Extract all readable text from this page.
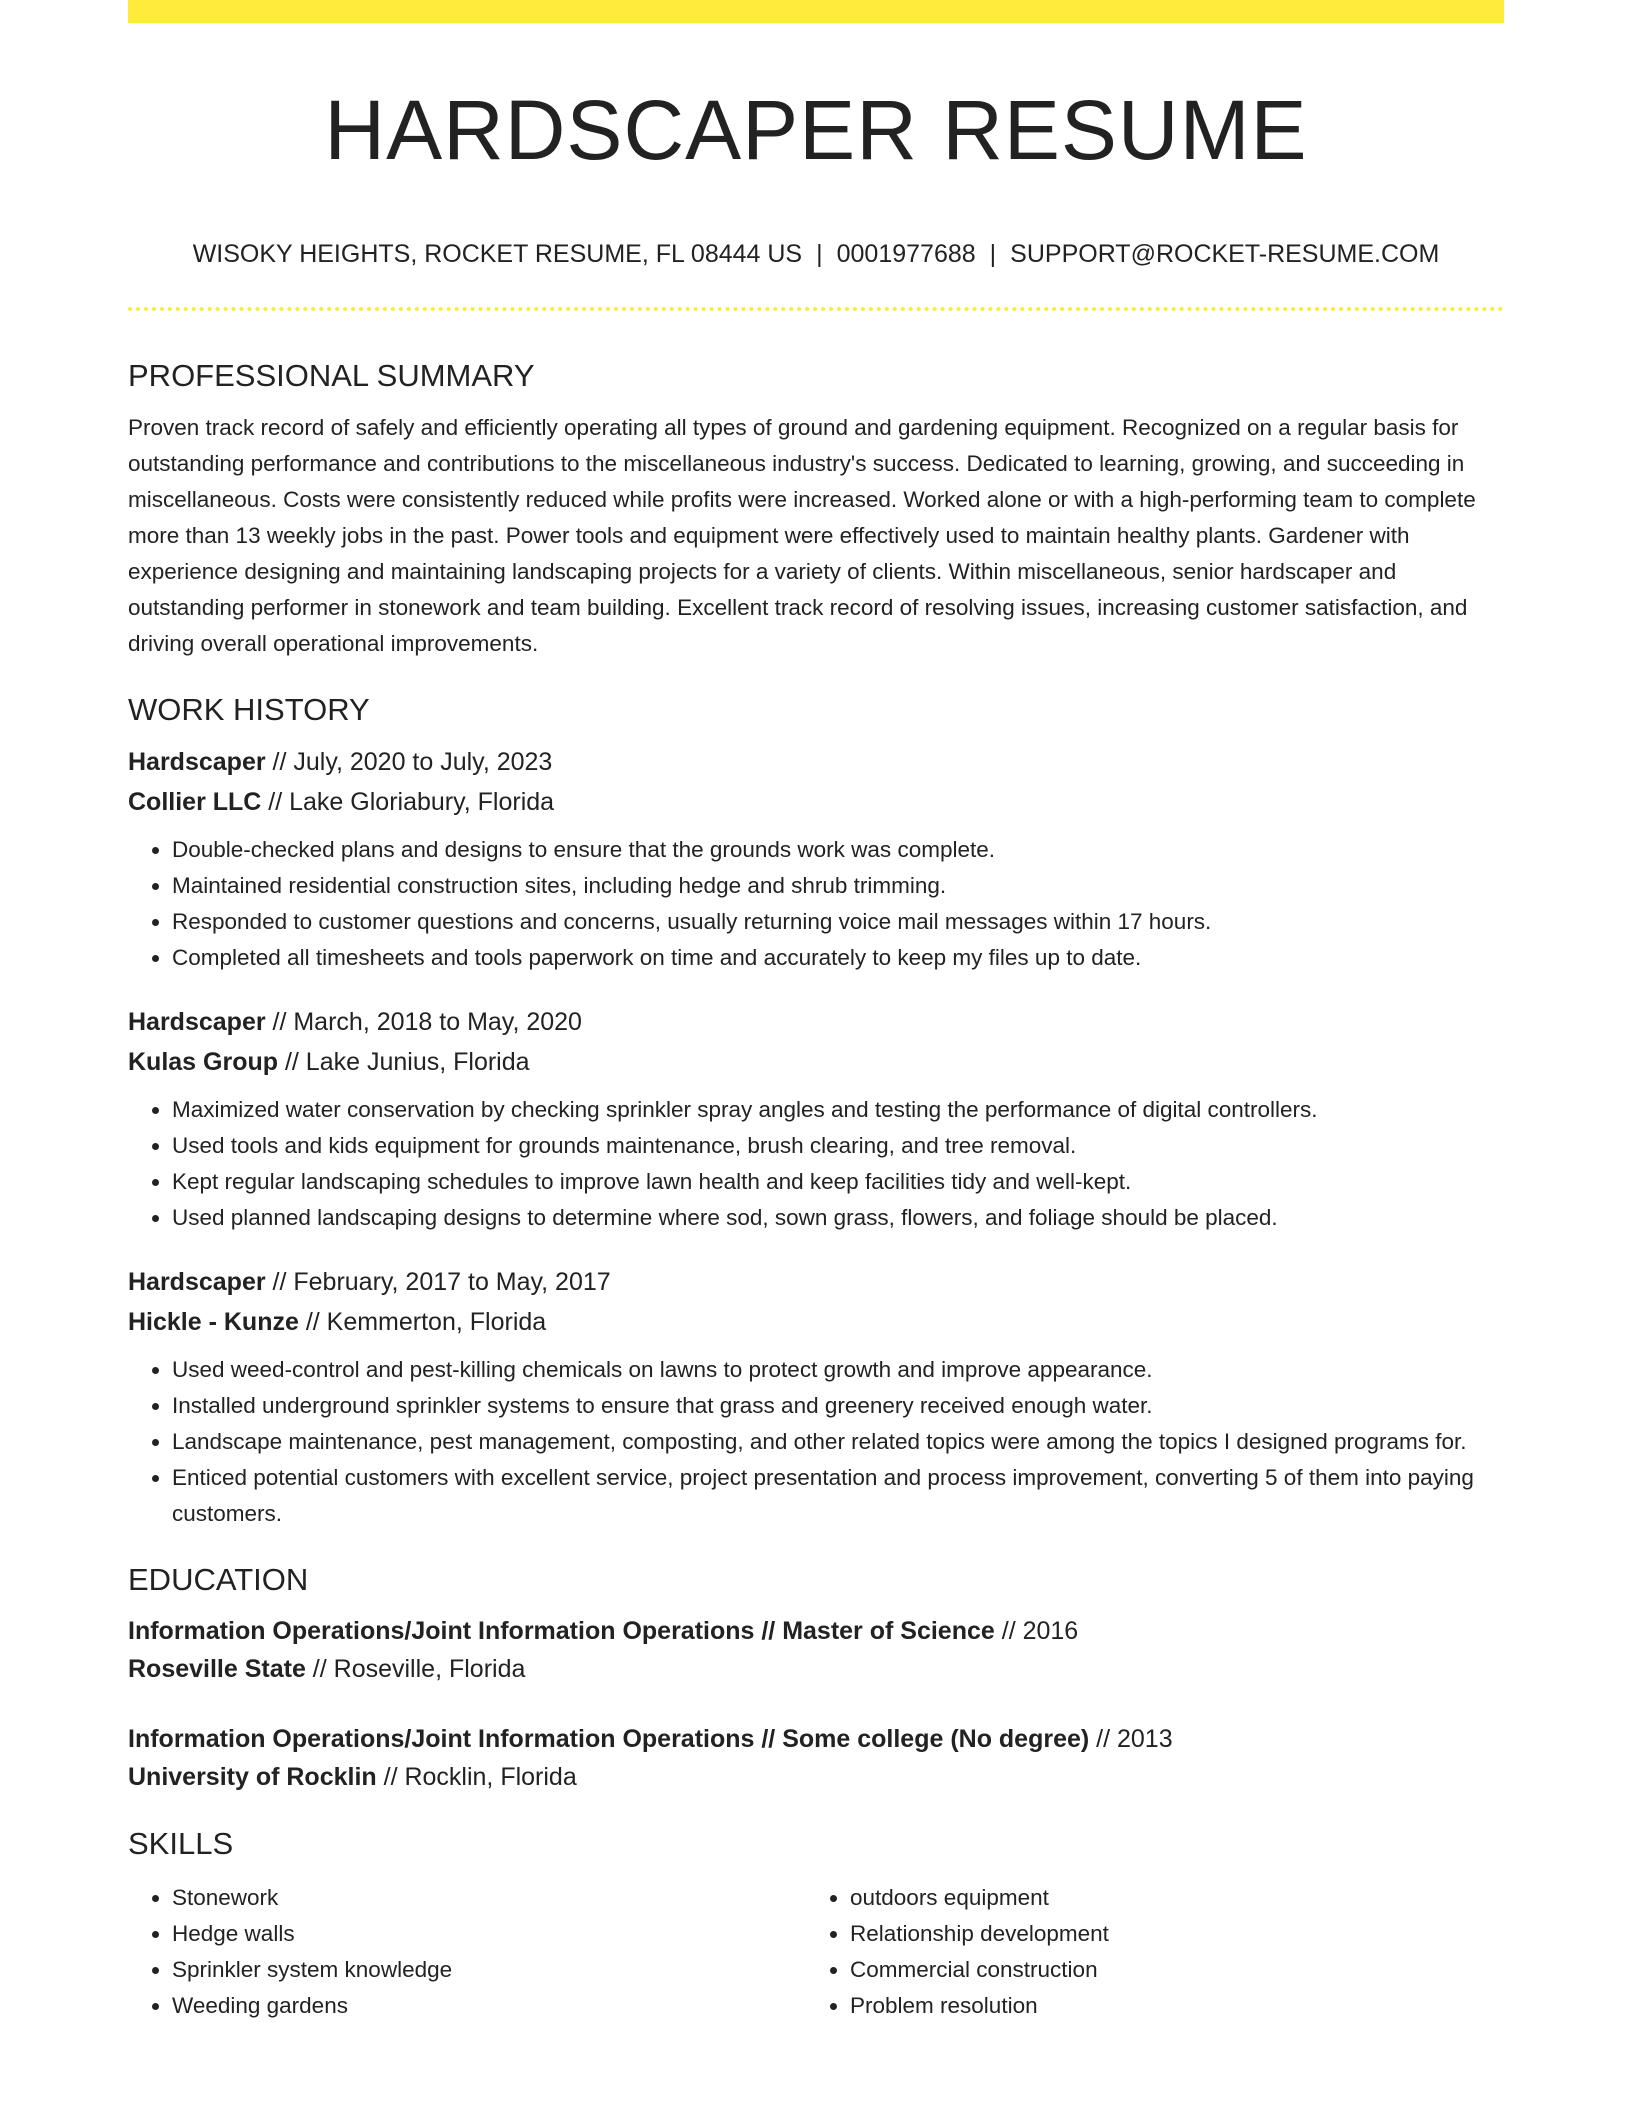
HARDSCAPER RESUME
WISOKY HEIGHTS, ROCKET RESUME, FL 08444 US | 0001977688 | SUPPORT@ROCKET-RESUME.COM
PROFESSIONAL SUMMARY

Proven track record of safely and efficiently operating all types of ground and gardening equipment. Recognized on a regular basis for outstanding performance and contributions to the miscellaneous industry's success. Dedicated to learning, growing, and succeeding in miscellaneous. Costs were consistently reduced while profits were increased. Worked alone or with a high-performing team to complete more than 13 weekly jobs in the past. Power tools and equipment were effectively used to maintain healthy plants. Gardener with experience designing and maintaining landscaping projects for a variety of clients. Within miscellaneous, senior hardscaper and outstanding performer in stonework and team building. Excellent track record of resolving issues, increasing customer satisfaction, and driving overall operational improvements.

WORK HISTORY
Hardscaper // July, 2020 to July, 2023
Collier LLC // Lake Gloriabury, Florida
• Double-checked plans and designs to ensure that the grounds work was complete.
• Maintained residential construction sites, including hedge and shrub trimming.
• Responded to customer questions and concerns, usually returning voice mail messages within 17 hours.
• Completed all timesheets and tools paperwork on time and accurately to keep my files up to date.
Hardscaper // March, 2018 to May, 2020
Kulas Group // Lake Junius, Florida
• Maximized water conservation by checking sprinkler spray angles and testing the performance of digital controllers.
• Used tools and kids equipment for grounds maintenance, brush clearing, and tree removal.
• Kept regular landscaping schedules to improve lawn health and keep facilities tidy and well-kept.
• Used planned landscaping designs to determine where sod, sown grass, flowers, and foliage should be placed.
Hardscaper // February, 2017 to May, 2017
Hickle - Kunze // Kemmerton, Florida
• Used weed-control and pest-killing chemicals on lawns to protect growth and improve appearance.
• Installed underground sprinkler systems to ensure that grass and greenery received enough water.
• Landscape maintenance, pest management, composting, and other related topics were among the topics I designed programs for.
• Enticed potential customers with excellent service, project presentation and process improvement, converting 5 of them into paying customers.
EDUCATION
Information Operations/Joint Information Operations // Master of Science // 2016
Roseville State // Roseville, Florida
Information Operations/Joint Information Operations // Some college (No degree) // 2013
University of Rocklin // Rocklin, Florida
SKILLS
• Stonework
• Hedge walls
• Sprinkler system knowledge
• Weeding gardens
• outdoors equipment
• Relationship development
• Commercial construction
• Problem resolution
